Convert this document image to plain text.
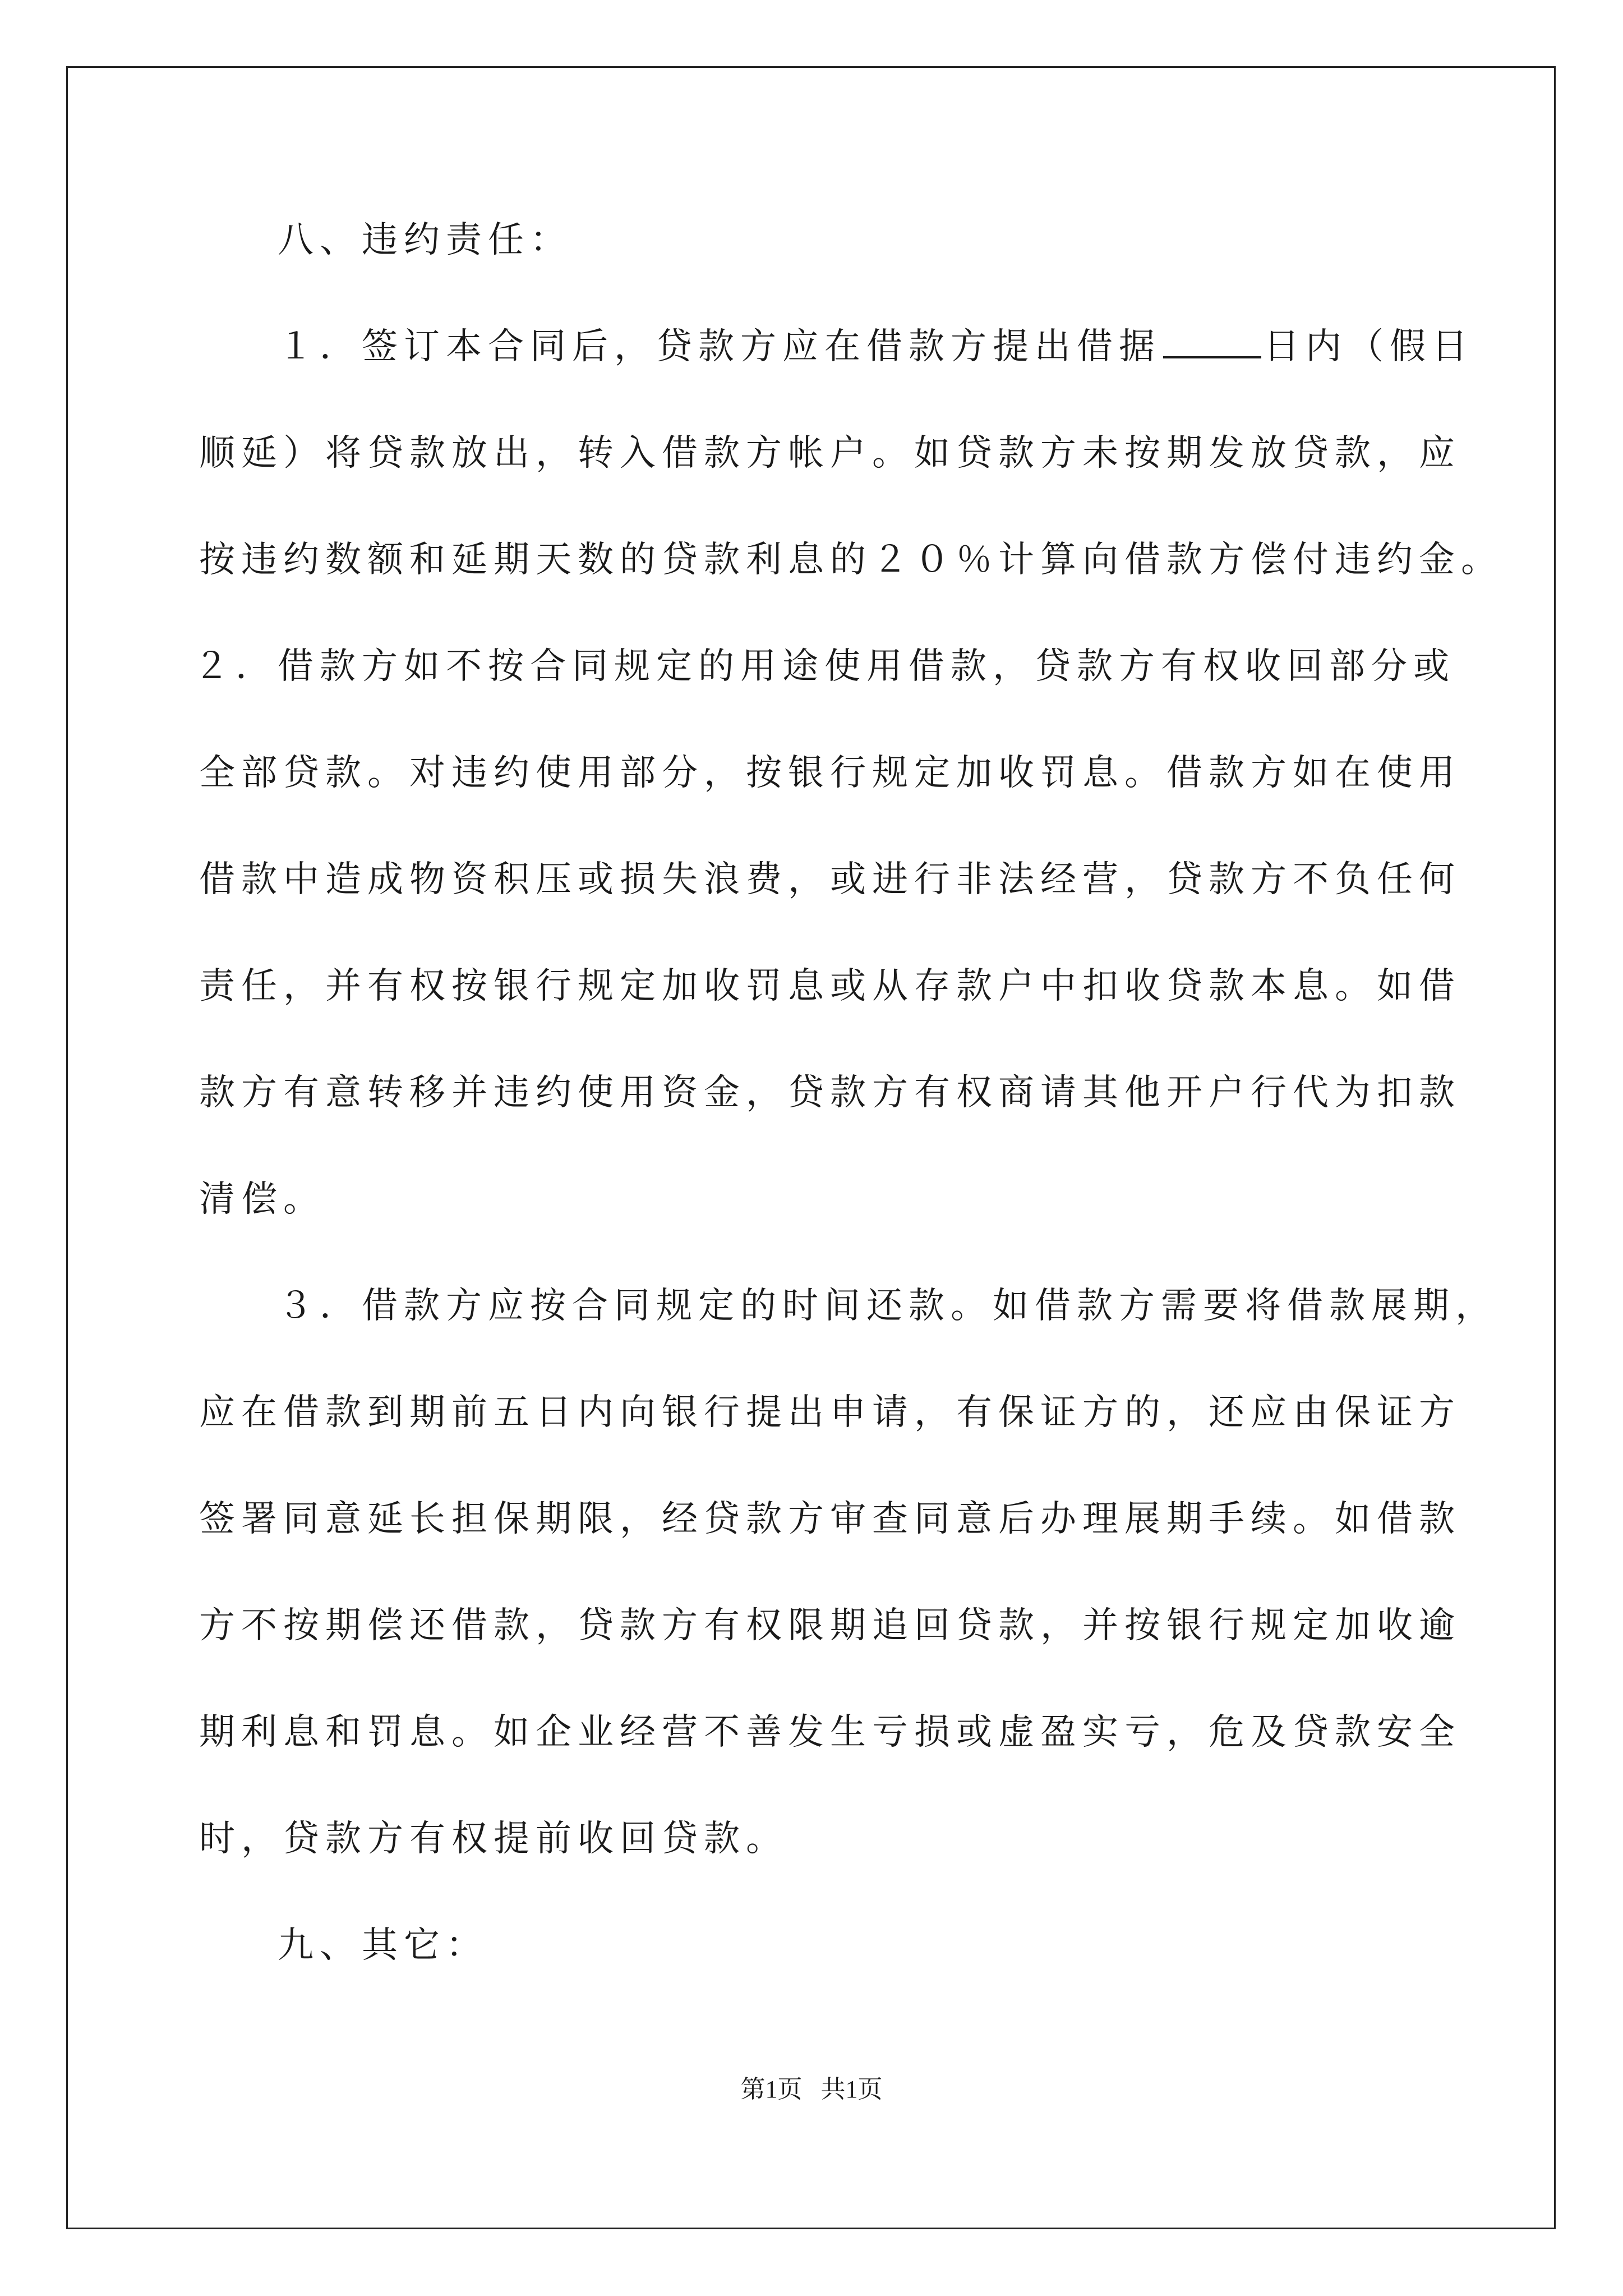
八、违约责任：
１．签订本合同后，贷款方应在借款方提出借据	日内（假日
顺延）将贷款放出，转入借款方帐户。如贷款方未按期发放贷款，应
按违约数额和延期天数的贷款利息的２０％计算向借款方偿付违约金。
２．借款方如不按合同规定的用途使用借款，贷款方有权收回部分或
全部贷款。对违约使用部分，按银行规定加收罚息。借款方如在使用
借款中造成物资积压或损失浪费，或进行非法经营，贷款方不负任何
责任，并有权按银行规定加收罚息或从存款户中扣收贷款本息。如借
款方有意转移并违约使用资金，贷款方有权商请其他开户行代为扣款
清偿。
３．借款方应按合同规定的时间还款。如借款方需要将借款展期，
应在借款到期前五日内向银行提出申请，有保证方的，还应由保证方
签署同意延长担保期限，经贷款方审查同意后办理展期手续。如借款
方不按期偿还借款，贷款方有权限期追回贷款，并按银行规定加收逾
期利息和罚息。如企业经营不善发生亏损或虚盈实亏，危及贷款安全
时，贷款方有权提前收回贷款。
九、其它：
第1页   共1页
